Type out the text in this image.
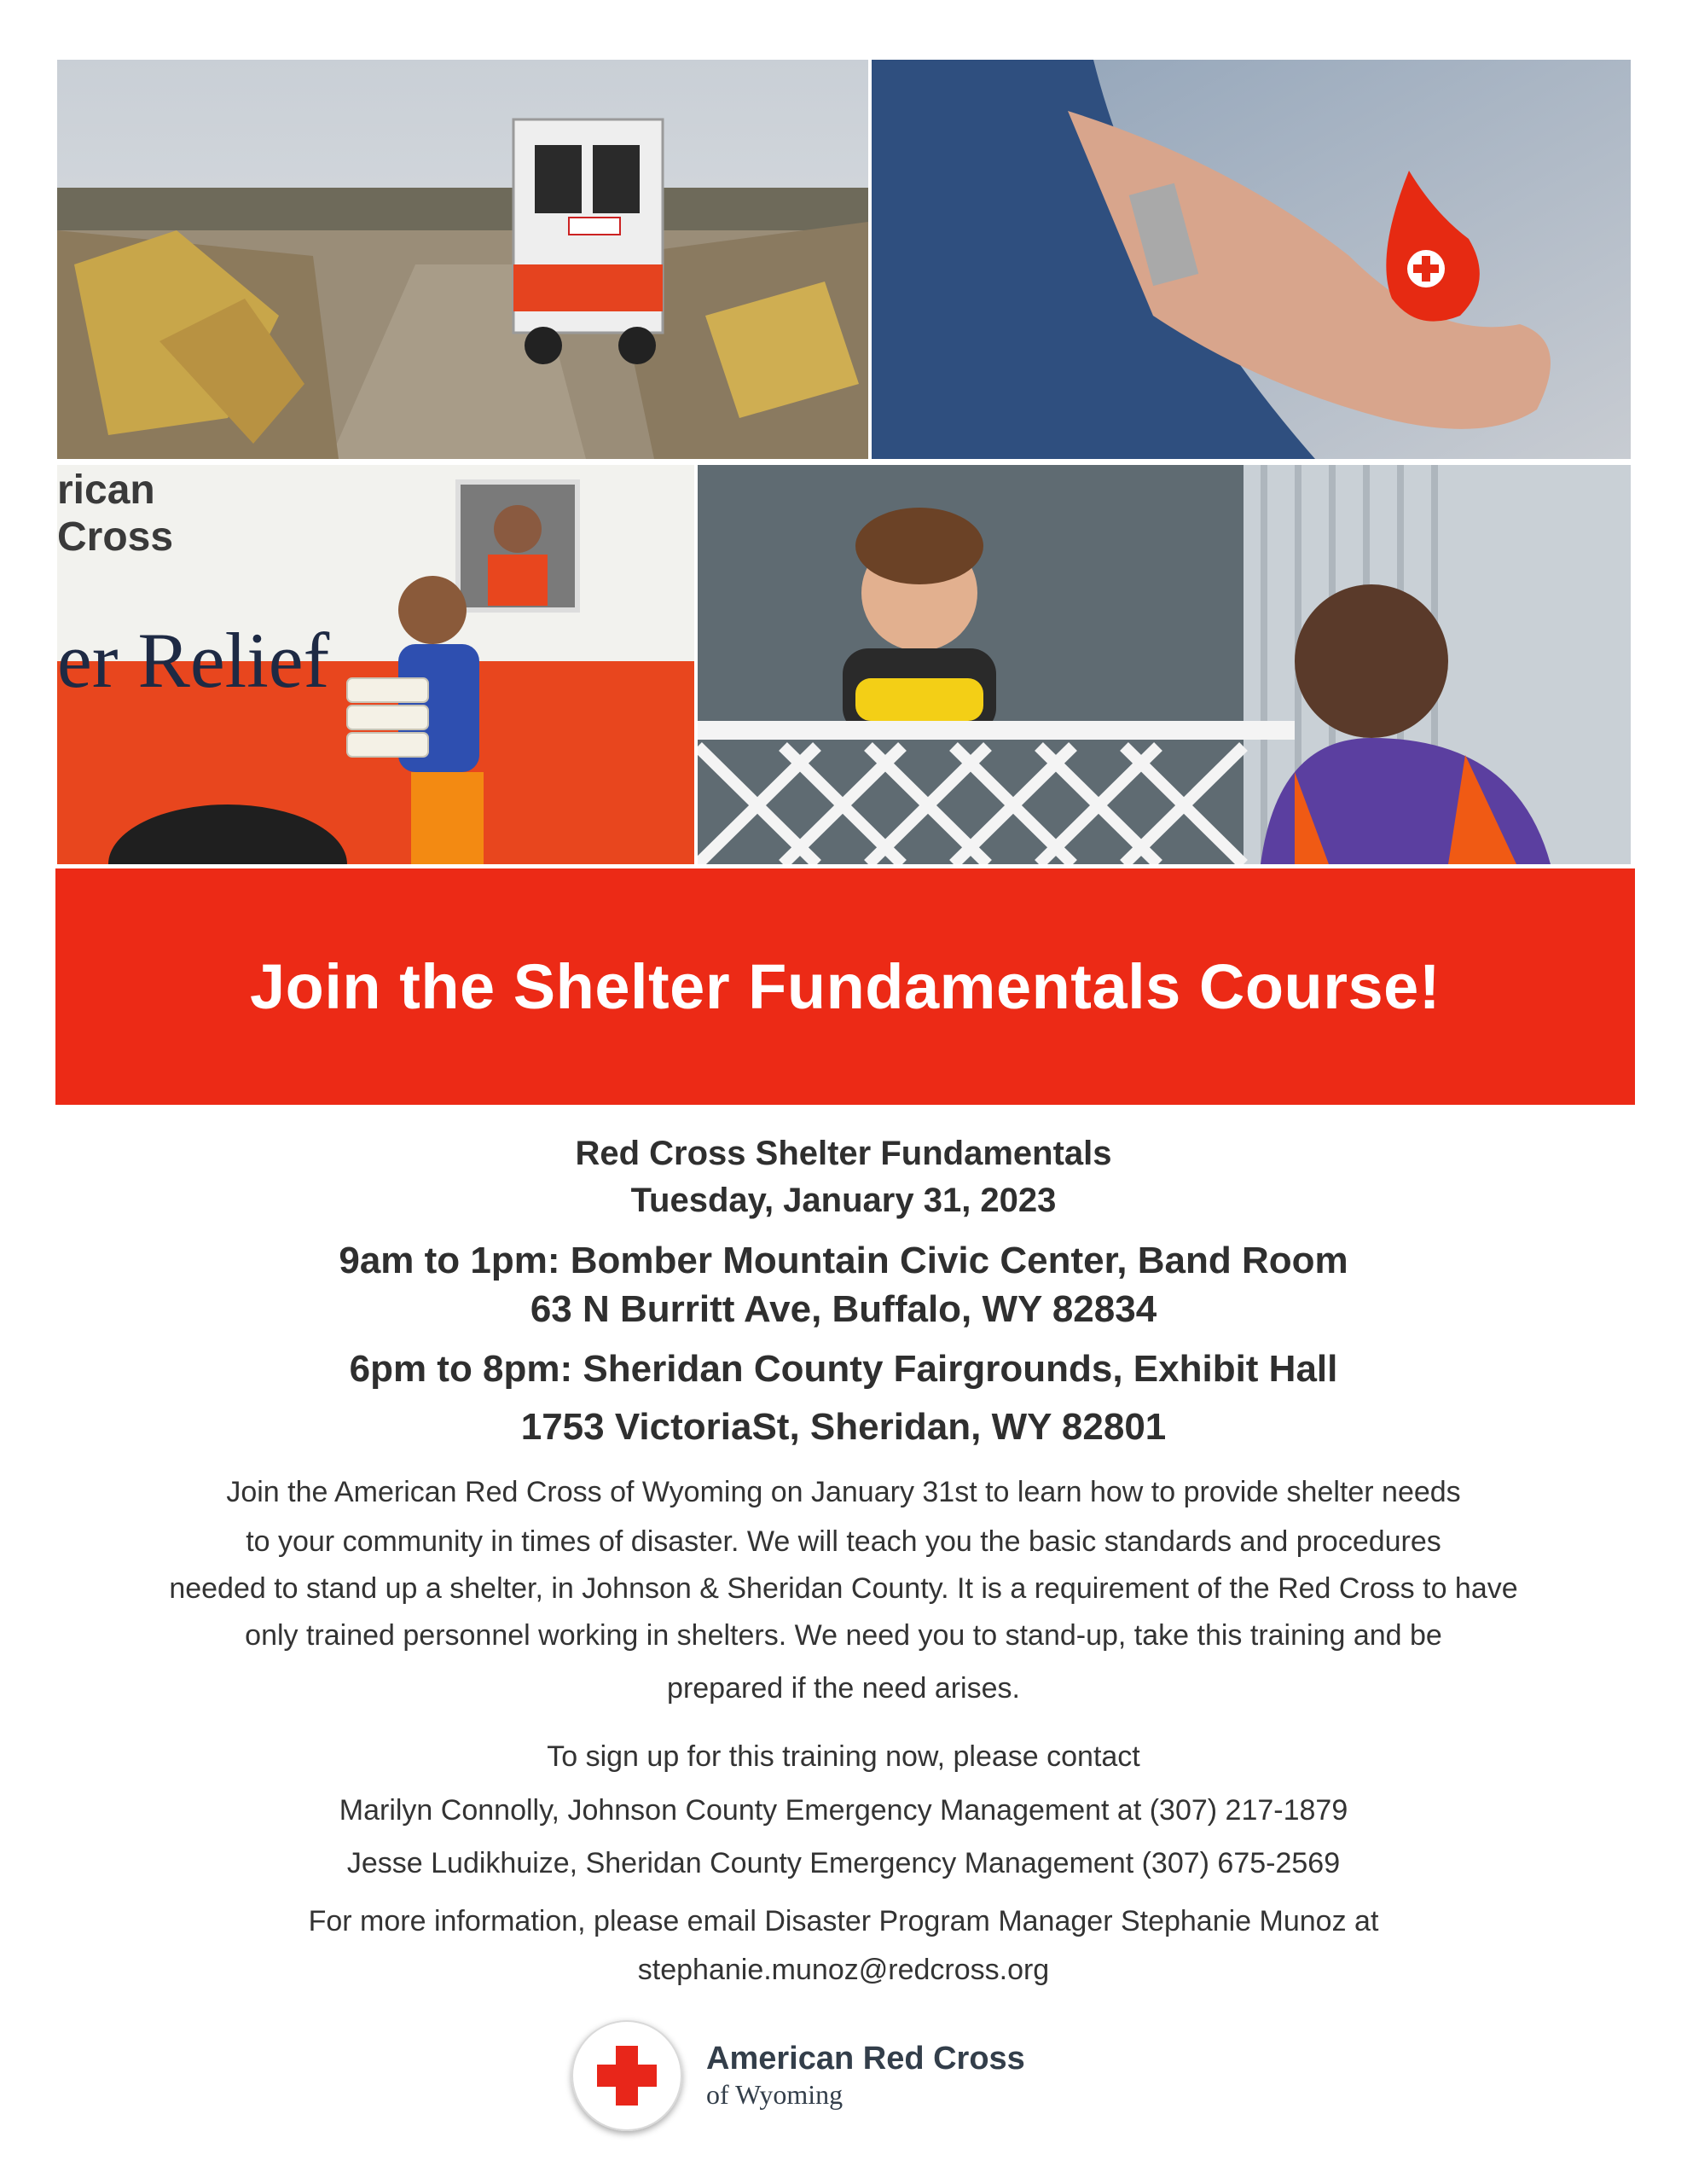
rican
Cross
er Relief
Join the Shelter Fundamentals Course!
Red Cross Shelter Fundamentals
Tuesday, January 31, 2023
9am to 1pm: Bomber Mountain Civic Center, Band Room
63 N Burritt Ave, Buffalo, WY 82834
6pm to 8pm: Sheridan County Fairgrounds, Exhibit Hall
1753 VictoriaSt, Sheridan, WY 82801
Join the American Red Cross of Wyoming on January 31st to learn how to provide shelter needs
to your community in times of disaster. We will teach you the basic standards and procedures
needed to stand up a shelter, in Johnson & Sheridan County. It is a requirement of the Red Cross to have
only trained personnel working in shelters. We need you to stand-up, take this training and be
prepared if the need arises.
To sign up for this training now, please contact
Marilyn Connolly, Johnson County Emergency Management at (307) 217-1879
Jesse Ludikhuize, Sheridan County Emergency Management (307) 675-2569
For more information, please email Disaster Program Manager Stephanie Munoz at
stephanie.munoz@redcross.org
American Red Cross
of Wyoming
